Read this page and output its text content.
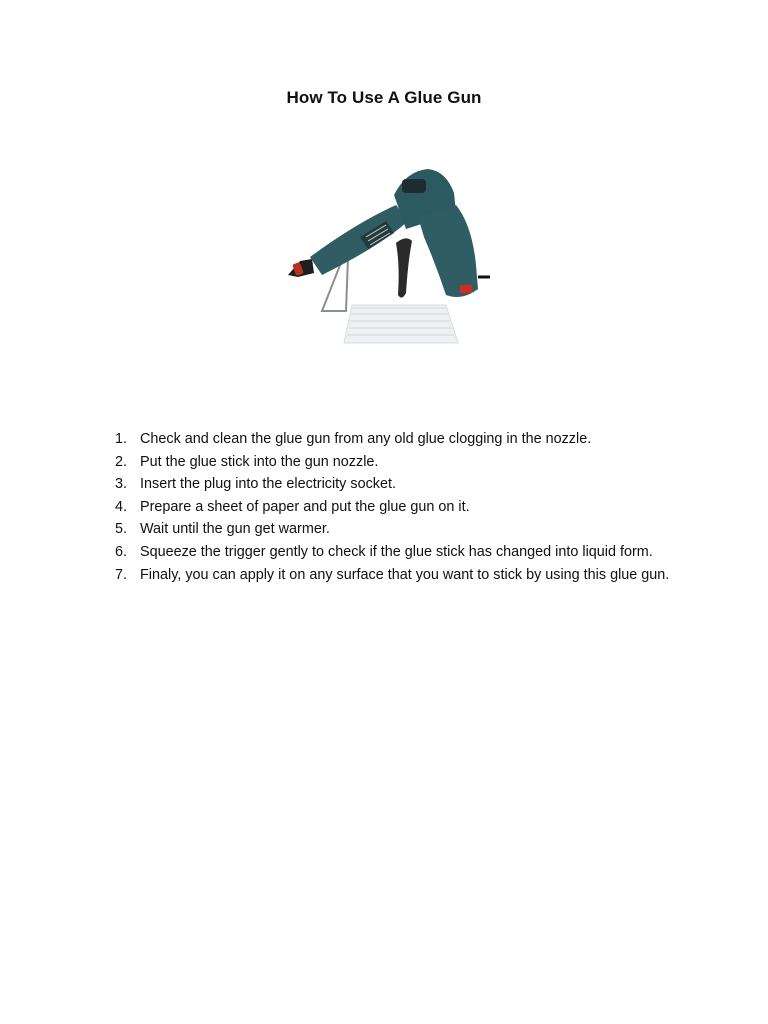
How To Use A Glue Gun
1. Check and clean the glue gun from any old glue clogging in the nozzle.
2. Put the glue stick into the gun nozzle.
3. Insert the plug into the electricity socket.
4. Prepare a sheet of paper and put the glue gun on it.
5. Wait until the gun get warmer.
6. Squeeze the trigger gently to check if the glue stick has changed into liquid form.
7. Finaly, you can apply it on any surface that you want to stick by using this glue gun.
